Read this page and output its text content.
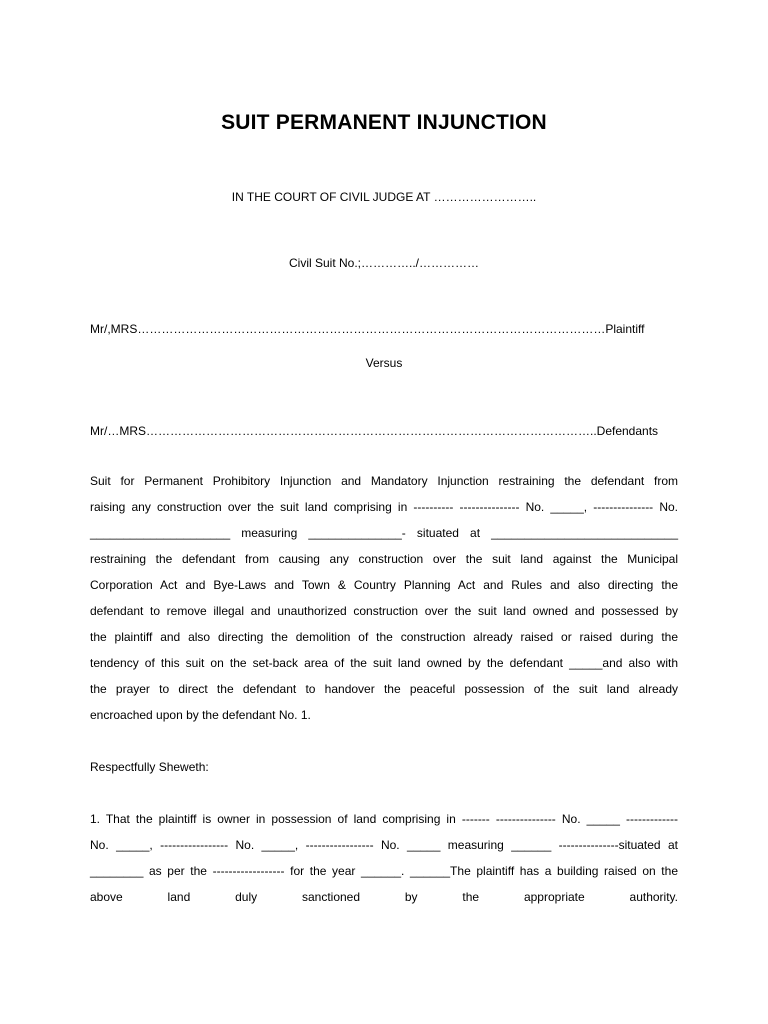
SUIT PERMANENT INJUNCTION
IN THE COURT OF CIVIL JUDGE AT ……………………..
Civil Suit No.;…………../……………
Mr/,MRS………………………………………………………………………………………………………Plaintiff
Versus
Mr/…MRS…………………………………………………………………………………………………..Defendants
Suit for Permanent Prohibitory Injunction and Mandatory Injunction restraining the defendant from
raising any construction over the suit land comprising in ---------- --------------- No. _____, --------------- No.
_____________________ measuring ______________- situated at ____________________________
restraining the defendant from causing any construction over the suit land against the Municipal
Corporation Act and Bye-Laws and Town & Country Planning Act and Rules and also directing the
defendant to remove illegal and unauthorized construction over the suit land owned and possessed by
the plaintiff and also directing the demolition of the construction already raised or raised during the
tendency of this suit on the set-back area of the suit land owned by the defendant _____and also with
the prayer to direct the defendant to handover the peaceful possession of the suit land already
encroached upon by the defendant No. 1.
Respectfully Sheweth:
1. That the plaintiff is owner in possession of land comprising in ------- --------------- No. _____ -------------
No. _____, ----------------- No. _____, ----------------- No. _____ measuring ______ ---------------situated at
________ as per the ------------------ for the year ______. ______The plaintiff has a building raised on the
above land duly sanctioned by the appropriate authority.
